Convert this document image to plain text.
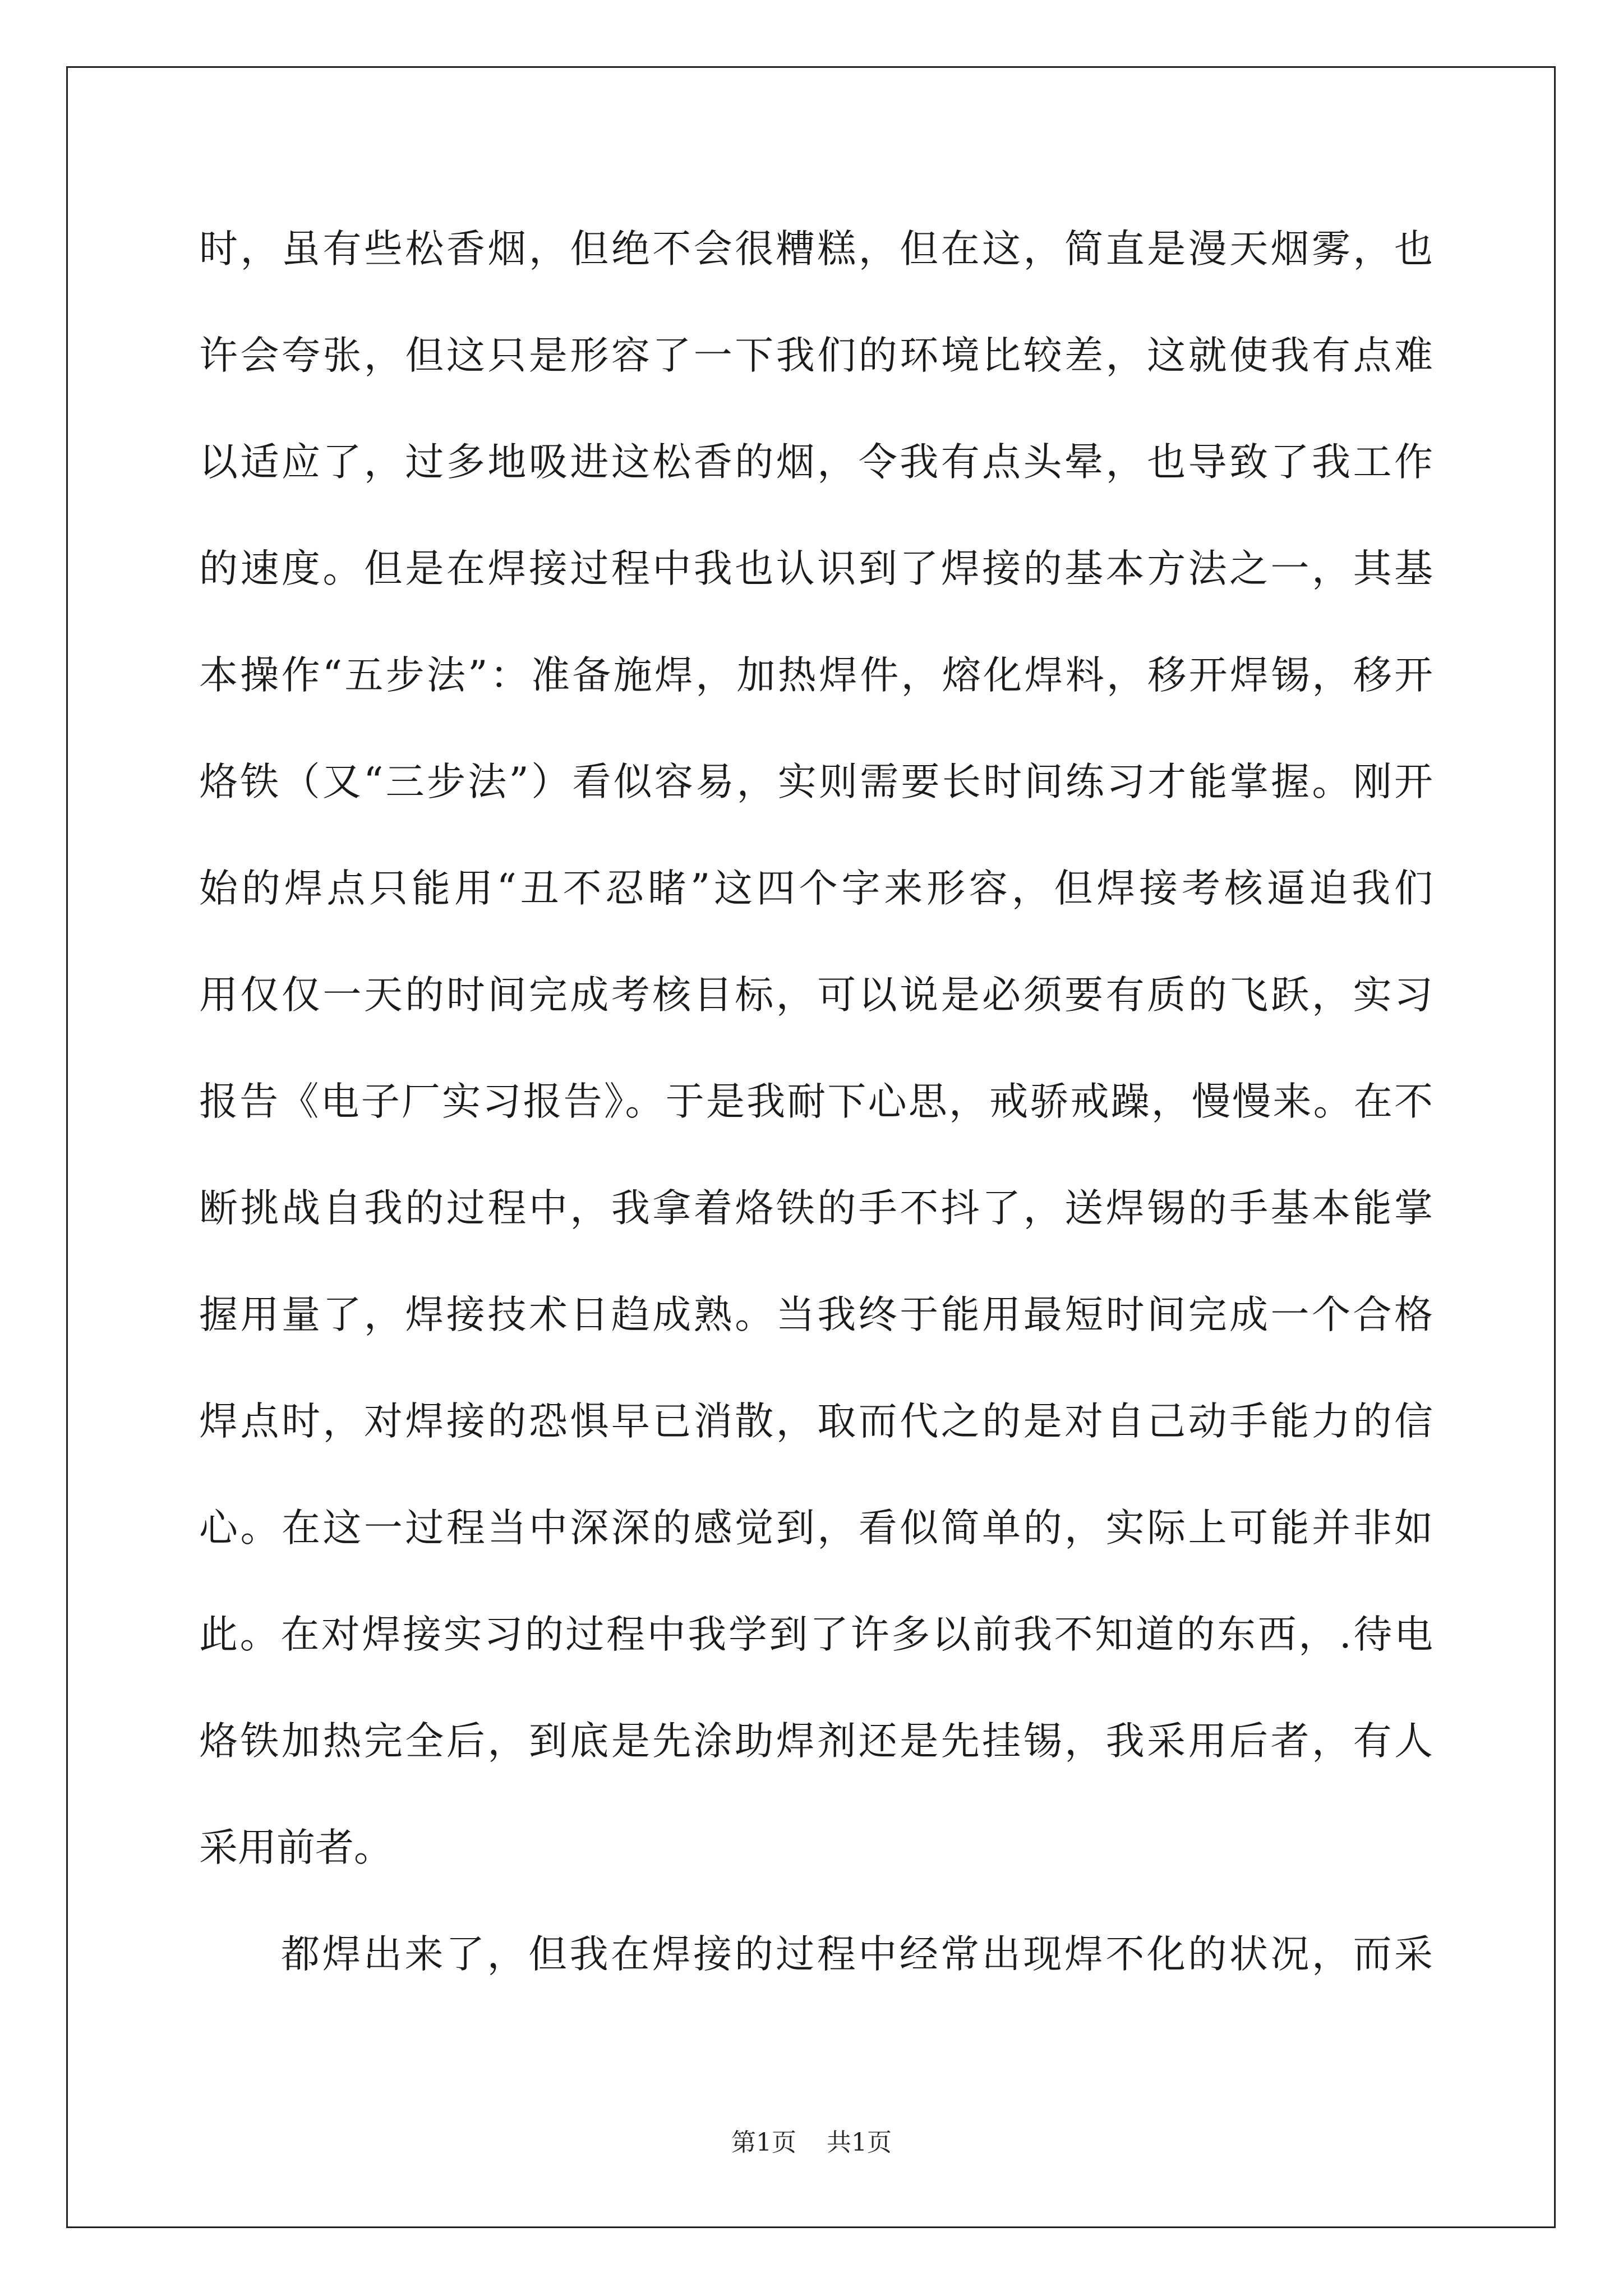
时，虽有些松香烟，但绝不会很糟糕，但在这，简直是漫天烟雾，也
许会夸张，但这只是形容了一下我们的环境比较差，这就使我有点难
以适应了，过多地吸进这松香的烟，令我有点头晕，也导致了我工作
的速度。但是在焊接过程中我也认识到了焊接的基本方法之一，其基
本操作“五步法”：准备施焊，加热焊件，熔化焊料，移开焊锡，移开
烙铁（又“三步法”）看似容易，实则需要长时间练习才能掌握。刚开
始的焊点只能用“丑不忍睹”这四个字来形容，但焊接考核逼迫我们
用仅仅一天的时间完成考核目标，可以说是必须要有质的飞跃，实习
报告《电子厂实习报告》。于是我耐下心思，戒骄戒躁，慢慢来。在不
断挑战自我的过程中，我拿着烙铁的手不抖了，送焊锡的手基本能掌
握用量了，焊接技术日趋成熟。当我终于能用最短时间完成一个合格
焊点时，对焊接的恐惧早已消散，取而代之的是对自己动手能力的信
心。在这一过程当中深深的感觉到，看似简单的，实际上可能并非如
此。在对焊接实习的过程中我学到了许多以前我不知道的东西，.待电
烙铁加热完全后，到底是先涂助焊剂还是先挂锡，我采用后者，有人
采用前者。
都焊出来了，但我在焊接的过程中经常出现焊不化的状况，而采
第1页 共1页
